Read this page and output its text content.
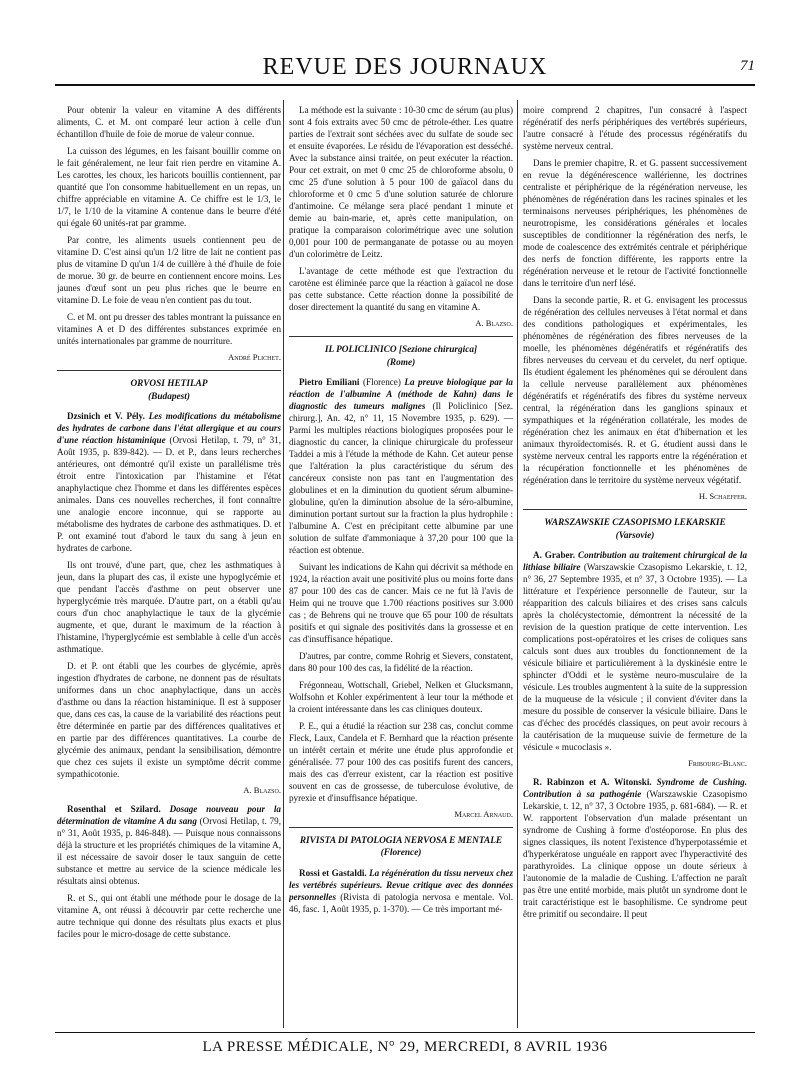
REVUE DES JOURNAUX	71

Pour obtenir la valeur en vitamine A des différents aliments, C. et M. ont comparé leur action à celle d'un échantillon d'huile de foie de morue de valeur connue.

La cuisson des légumes, en les faisant bouillir comme on le fait généralement, ne leur fait rien perdre en vitamine A. Les carottes, les choux, les haricots bouillis contiennent, par quantité que l'on consomme habituellement en un repas, un chiffre appréciable en vitamine A. Ce chiffre est le 1/3, le 1/7, le 1/10 de la vitamine A contenue dans le beurre d'été qui égale 60 unités-rat par gramme.

Par contre, les aliments usuels contiennent peu de vitamine D. C'est ainsi qu'un 1/2 litre de lait ne contient pas plus de vitamine D qu'un 1/4 de cuillère à thé d'huile de foie de morue. 30 gr. de beurre en contiennent encore moins. Les jaunes d'œuf sont un peu plus riches que le beurre en vitamine D. Le foie de veau n'en contient pas du tout.

C. et M. ont pu dresser des tables montrant la puissance en vitamines A et D des différentes substances exprimée en unités internationales par gramme de nourriture.

André Plichet.
ORVOSI HETILAP
(Budapest)

Dzsinich et V. Pély. Les modifications du métabolisme des hydrates de carbone dans l'état allergique et au cours d'une réaction histaminique (Orvosi Hetilap, t. 79, n° 31, Août 1935, p. 839-842). — D. et P., dans leurs recherches antérieures, ont démontré qu'il existe un parallélisme très étroit entre l'intoxication par l'histamine et l'état anaphylactique chez l'homme et dans les différentes espèces animales. Dans ces nouvelles recherches, il font connaître une analogie encore inconnue, qui se rapporte au métabolisme des hydrates de carbone des asthmatiques. D. et P. ont examiné tout d'abord le taux du sang à jeun en hydrates de carbone.

Ils ont trouvé, d'une part, que, chez les asthmatiques à jeun, dans la plupart des cas, il existe une hypoglycémie et que pendant l'accès d'asthme on peut observer une hyperglycémie très marquée. D'autre part, on a établi qu'au cours d'un choc anaphylactique le taux de la glycémie augmente, et que, durant le maximum de la réaction à l'histamine, l'hyperglycémie est semblable à celle d'un accès asthmatique.

D. et P. ont établi que les courbes de glycémie, après ingestion d'hydrates de carbone, ne donnent pas de résultats uniformes dans un choc anaphylactique, dans un accès d'asthme ou dans la réaction histaminique. Il est à supposer que, dans ces cas, la cause de la variabilité des réactions peut être déterminée en partie par des différences qualitatives et en partie par des différences quantitatives. La courbe de glycémie des animaux, pendant la sensibilisation, démontre que chez ces sujets il existe un symptôme décrit comme sympathicotonie.

A. Blazso.

Rosenthal et Szilard. Dosage nouveau pour la détermination de vitamine A du sang (Orvosi Hetilap, t. 79, n° 31, Août 1935, p. 846-848). — Puisque nous connaissons déjà la structure et les propriétés chimiques de la vitamine A, il est nécessaire de savoir doser le taux sanguin de cette substance et mettre au service de la science médicale les résultats ainsi obtenus.

R. et S., qui ont établi une méthode pour le dosage de la vitamine A, ont réussi à découvrir par cette recherche une autre technique qui donne des résultats plus exacts et plus faciles pour le micro-dosage de cette substance.

La méthode est la suivante : 10-30 cmc de sérum (au plus) sont 4 fois extraits avec 50 cmc de pétrole-éther. Les quatre parties de l'extrait sont séchées avec du sulfate de soude sec et ensuite évaporées. Le résidu de l'évaporation est desséché. Avec la substance ainsi traitée, on peut exécuter la réaction. Pour cet extrait, on met 0 cmc 25 de chloroforme absolu, 0 cmc 25 d'une solution à 5 pour 100 de gaïacol dans du chloroforme et 0 cmc 5 d'une solution saturée de chlorure d'antimoine. Ce mélange sera placé pendant 1 minute et demie au bain-marie, et, après cette manipulation, on pratique la comparaison colorimétrique avec une solution 0,001 pour 100 de permanganate de potasse ou au moyen d'un colorimètre de Leitz.

L'avantage de cette méthode est que l'extraction du carotène est éliminée parce que la réaction à gaïacol ne dose pas cette substance. Cette réaction donne la possibilité de doser directement la quantité du sang en vitamine A.

A. Blazso.
IL POLICLINICO [Sezione chirurgica]
(Rome)

Pietro Emiliani (Florence) La preuve biologique par la réaction de l'albumine A (méthode de Kahn) dans le diagnostic des tumeurs malignes (Il Policlinico [Sez. chirurg.], An. 42, n° 11, 15 Novembre 1935, p. 629). — Parmi les multiples réactions biologiques proposées pour le diagnostic du cancer, la clinique chirurgicale du professeur Taddei a mis à l'étude la méthode de Kahn. Cet auteur pense que l'altération la plus caractéristique du sérum des cancéreux consiste non pas tant en l'augmentation des globulines et en la diminution du quotient sérum albumine-globuline, qu'en la diminution absolue de la séro-albumine, diminution portant surtout sur la fraction la plus hydrophile : l'albumine A. C'est en précipitant cette albumine par une solution de sulfate d'ammoniaque à 37,20 pour 100 que la réaction est obtenue.

Suivant les indications de Kahn qui décrivit sa méthode en 1924, la réaction avait une positivité plus ou moins forte dans 87 pour 100 des cas de cancer. Mais ce ne fut là l'avis de Heim qui ne trouve que 1.700 réactions positives sur 3.000 cas ; de Behrens qui ne trouve que 65 pour 100 de résultats positifs et qui signale des positivités dans la grossesse et en cas d'insuffisance hépatique.

D'autres, par contre, comme Rohrig et Sievers, constatent, dans 80 pour 100 des cas, la fidélité de la réaction.

Frégonneau, Wottschall, Griebel, Nelken et Glucksmann, Wolfsohn et Kohler expérimentent à leur tour la méthode et la croient intéressante dans les cas cliniques douteux.

P. E., qui a étudié la réaction sur 238 cas, conclut comme Fleck, Laux, Candela et F. Bernhard que la réaction présente un intérêt certain et mérite une étude plus approfondie et généralisée. 77 pour 100 des cas positifs furent des cancers, mais des cas d'erreur existent, car la réaction est positive souvent en cas de grossesse, de tuberculose évolutive, de pyrexie et d'insuffisance hépatique.

Marcel Arnaud.
RIVISTA DI PATOLOGIA NERVOSA E MENTALE
(Florence)

Rossi et Gastaldi. La régénération du tissu nerveux chez les vertébrés supérieurs. Revue critique avec des données personnelles (Rivista di patologia nervosa e mentale. Vol. 46, fasc. 1, Août 1935, p. 1-370). — Ce très important mé-

moire comprend 2 chapitres, l'un consacré à l'aspect régénératif des nerfs périphériques des vertébrés supérieurs, l'autre consacré à l'étude des processus régénératifs du système nerveux central.

Dans le premier chapitre, R. et G. passent successivement en revue la dégénérescence wallérienne, les doctrines centraliste et périphérique de la régénération nerveuse, les phénomènes de régénération dans les racines spinales et les terminaisons nerveuses périphériques, les phénomènes de neurotropisme, les considérations générales et locales susceptibles de conditionner la régénération des nerfs, le mode de coalescence des extrémités centrale et périphérique des nerfs de fonction différente, les rapports entre la régénération nerveuse et le retour de l'activité fonctionnelle dans le territoire d'un nerf lésé.

Dans la seconde partie, R. et G. envisagent les processus de régénération des cellules nerveuses à l'état normal et dans des conditions pathologiques et expérimentales, les phénomènes de régénération des fibres nerveuses de la moelle, les phénomènes dégénératifs et régénératifs des fibres nerveuses du cerveau et du cervelet, du nerf optique. Ils étudient également les phénomènes qui se déroulent dans la cellule nerveuse parallèlement aux phénomènes dégénératifs et régénératifs des fibres du système nerveux central, la régénération dans les ganglions spinaux et sympathiques et la régénération collatérale, les modes de régénération chez les animaux en état d'hibernation et les animaux thyroïdectomisés. R. et G. étudient aussi dans le système nerveux central les rapports entre la régénération et la récupération fonctionnelle et les phénomènes de régénération dans le territoire du système nerveux végétatif.

H. Schaeffer.
WARSZAWSKIE CZASOPISMO LEKARSKIE
(Varsovie)

A. Graber. Contribution au traitement chirurgical de la lithiase biliaire (Warszawskie Czasopismo Lekarskie, t. 12, n° 36, 27 Septembre 1935, et n° 37, 3 Octobre 1935). — La littérature et l'expérience personnelle de l'auteur, sur la réapparition des calculs biliaires et des crises sans calculs après la cholécystectomie, démontrent la nécessité de la revision de la question pratique de cette intervention. Les complications post-opératoires et les crises de coliques sans calculs sont dues aux troubles du fonctionnement de la vésicule biliaire et particulièrement à la dyskinésie entre le sphincter d'Oddi et le système neuro-musculaire de la vésicule. Les troubles augmentent à la suite de la suppression de la muqueuse de la vésicule ; il convient d'éviter dans la mesure du possible de conserver la vésicule biliaire. Dans le cas d'échec des procédés classiques, on peut avoir recours à la cautérisation de la muqueuse suivie de fermeture de la vésicule « mucoclasis ».

Fribourg-Blanc.

R. Rabinzon et A. Witonski. Syndrome de Cushing. Contribution à sa pathogénie (Warszawskie Czasopismo Lekarskie, t. 12, n° 37, 3 Octobre 1935, p. 681-684). — R. et W. rapportent l'observation d'un malade présentant un syndrome de Cushing à forme d'ostéoporose. En plus des signes classiques, ils notent l'existence d'hyperpotassémie et d'hyperkératose unguéale en rapport avec l'hyperactivité des parathyroïdes. La clinique oppose un doute sérieux à l'autonomie de la maladie de Cushing. L'affection ne paraît pas être une entité morbide, mais plutôt un syndrome dont le trait caractéristique est le basophilisme. Ce syndrome peut être primitif ou secondaire. Il peut

LA PRESSE MÉDICALE, N° 29, MERCREDI, 8 AVRIL 1936
